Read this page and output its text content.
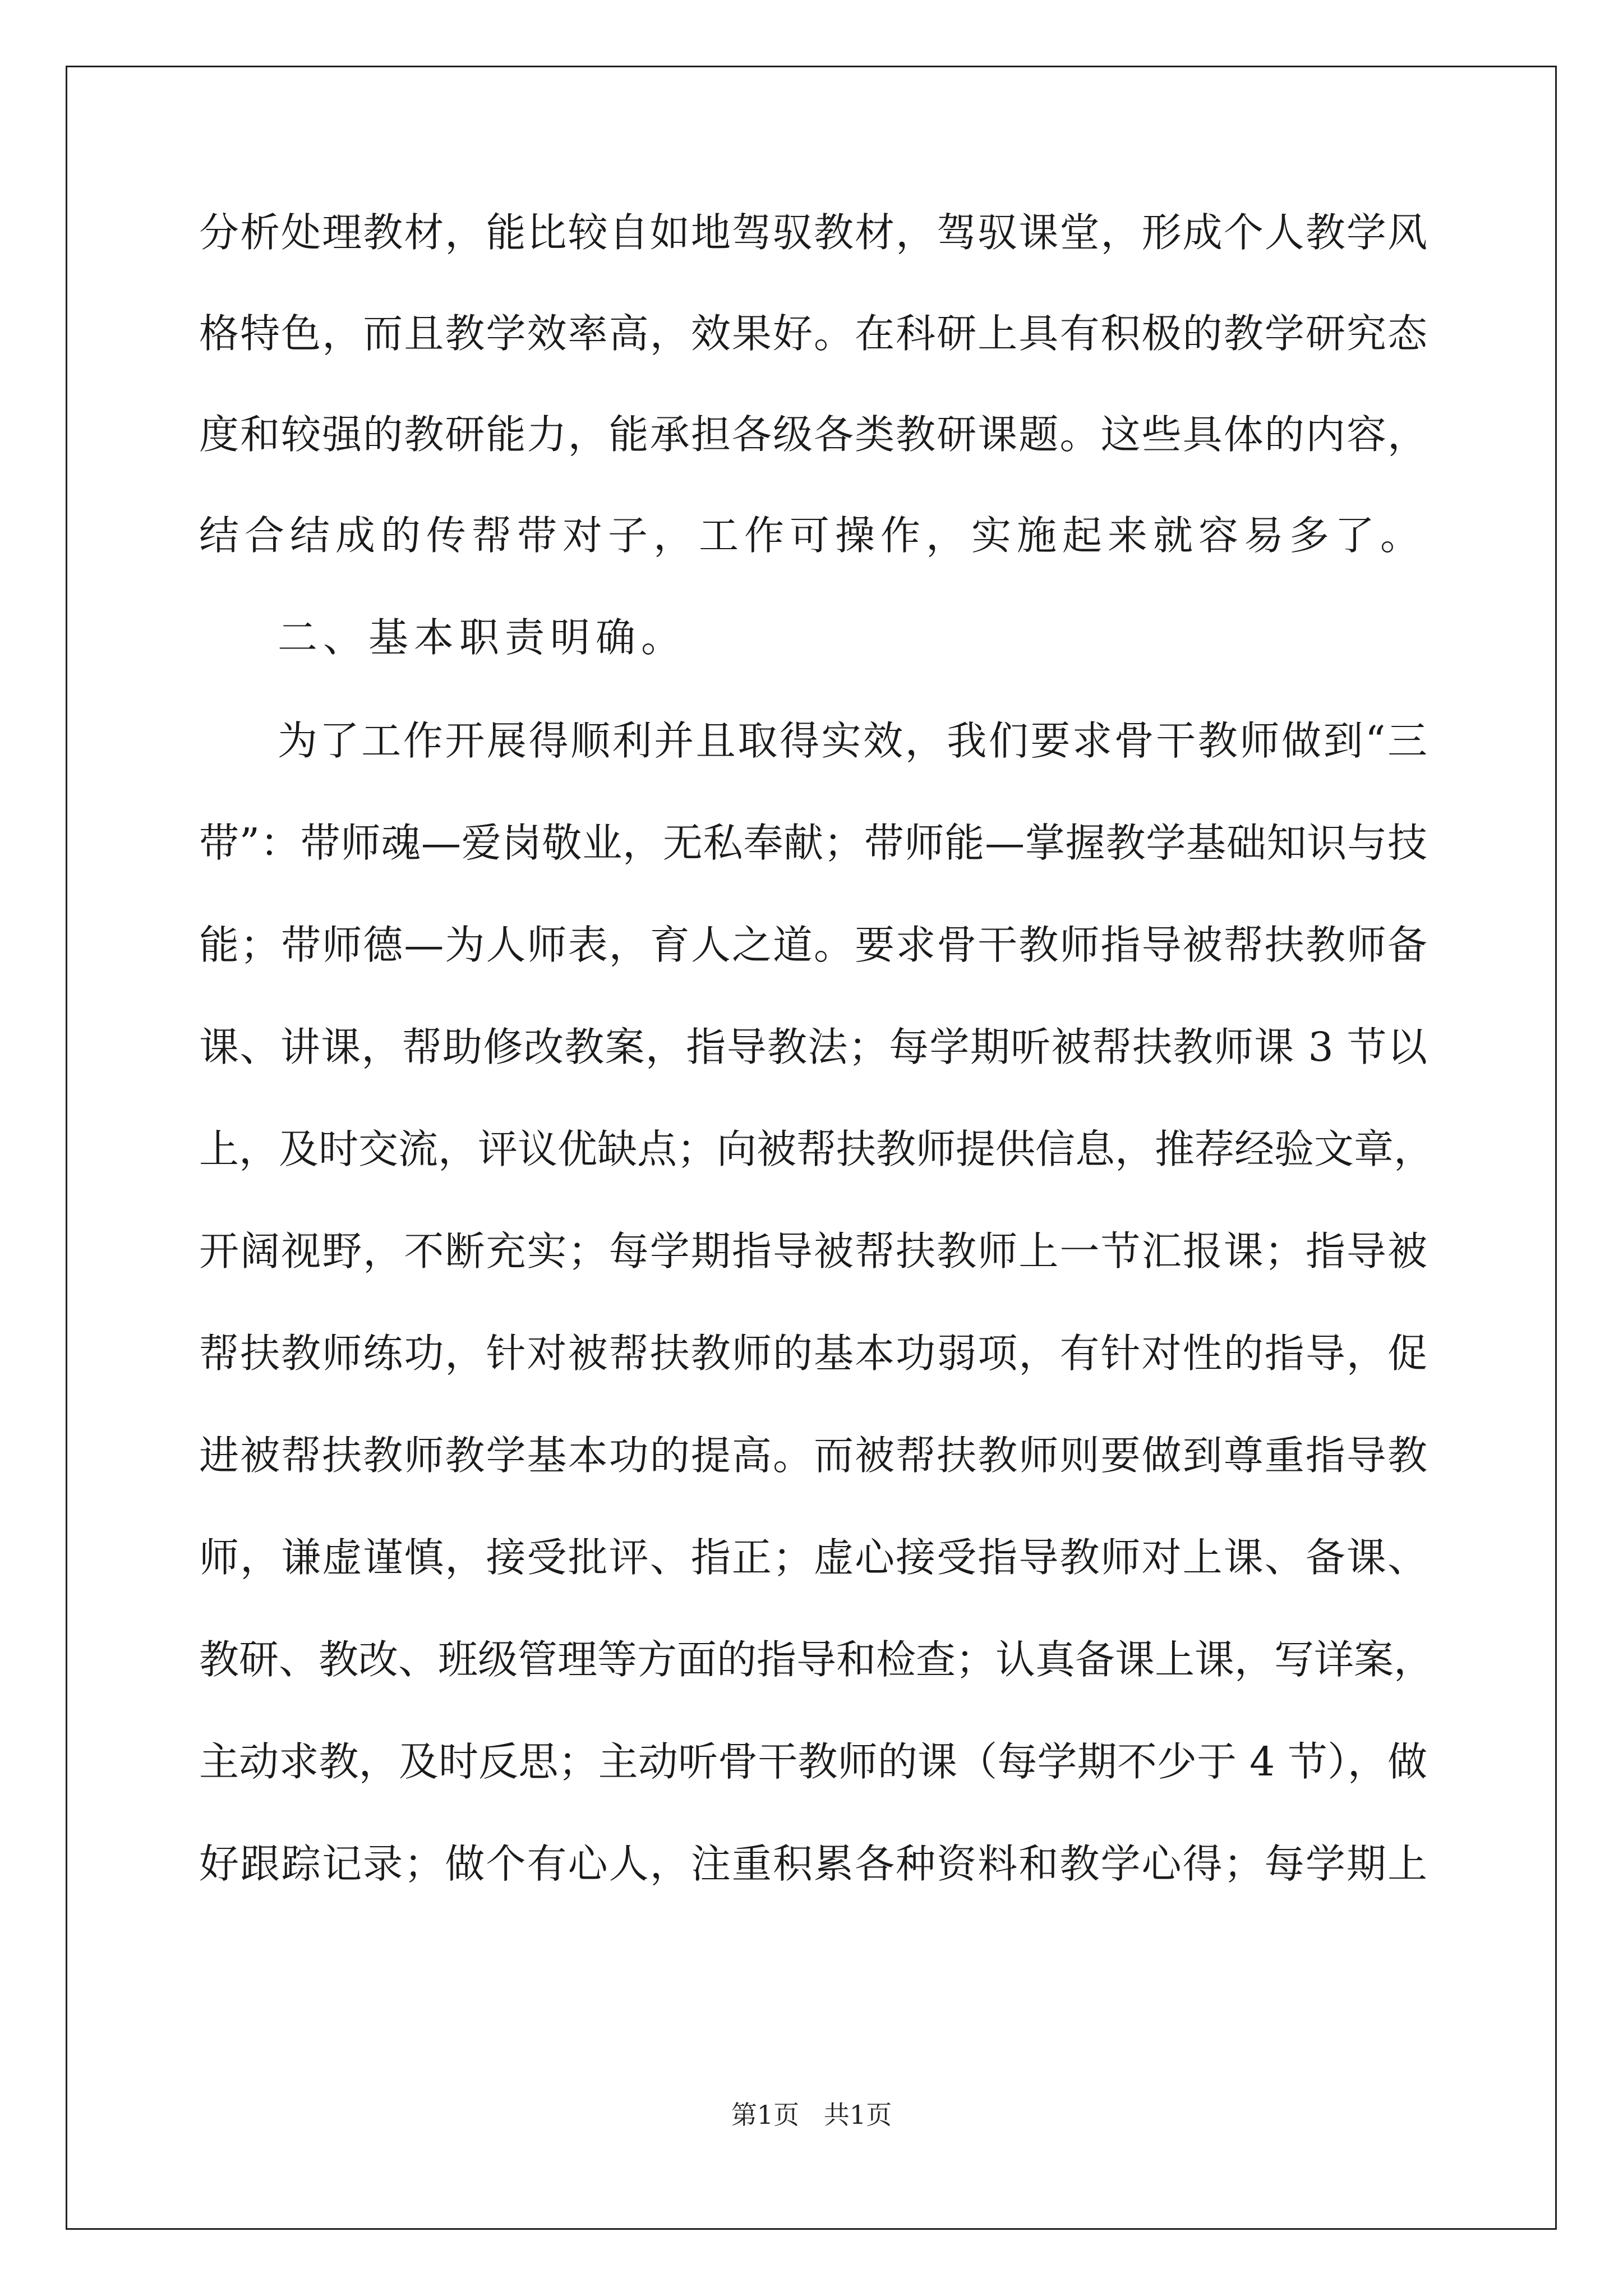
分析处理教材，能比较自如地驾驭教材，驾驭课堂，形成个人教学风
格特色，而且教学效率高，效果好。在科研上具有积极的教学研究态
度和较强的教研能力，能承担各级各类教研课题。这些具体的内容，
结合结成的传帮带对子，工作可操作，实施起来就容易多了。
二、基本职责明确。
为了工作开展得顺利并且取得实效，我们要求骨干教师做到“三
带”：带师魂—爱岗敬业，无私奉献；带师能—掌握教学基础知识与技
能；带师德—为人师表，育人之道。要求骨干教师指导被帮扶教师备
课、讲课，帮助修改教案，指导教法；每学期听被帮扶教师课 3 节以
上，及时交流，评议优缺点；向被帮扶教师提供信息，推荐经验文章，
开阔视野，不断充实；每学期指导被帮扶教师上一节汇报课；指导被
帮扶教师练功，针对被帮扶教师的基本功弱项，有针对性的指导，促
进被帮扶教师教学基本功的提高。而被帮扶教师则要做到尊重指导教
师，谦虚谨慎，接受批评、指正；虚心接受指导教师对上课、备课、
教研、教改、班级管理等方面的指导和检查；认真备课上课，写详案，
主动求教，及时反思；主动听骨干教师的课（每学期不少于 4 节），做
好跟踪记录；做个有心人，注重积累各种资料和教学心得；每学期上
第1页   共1页
